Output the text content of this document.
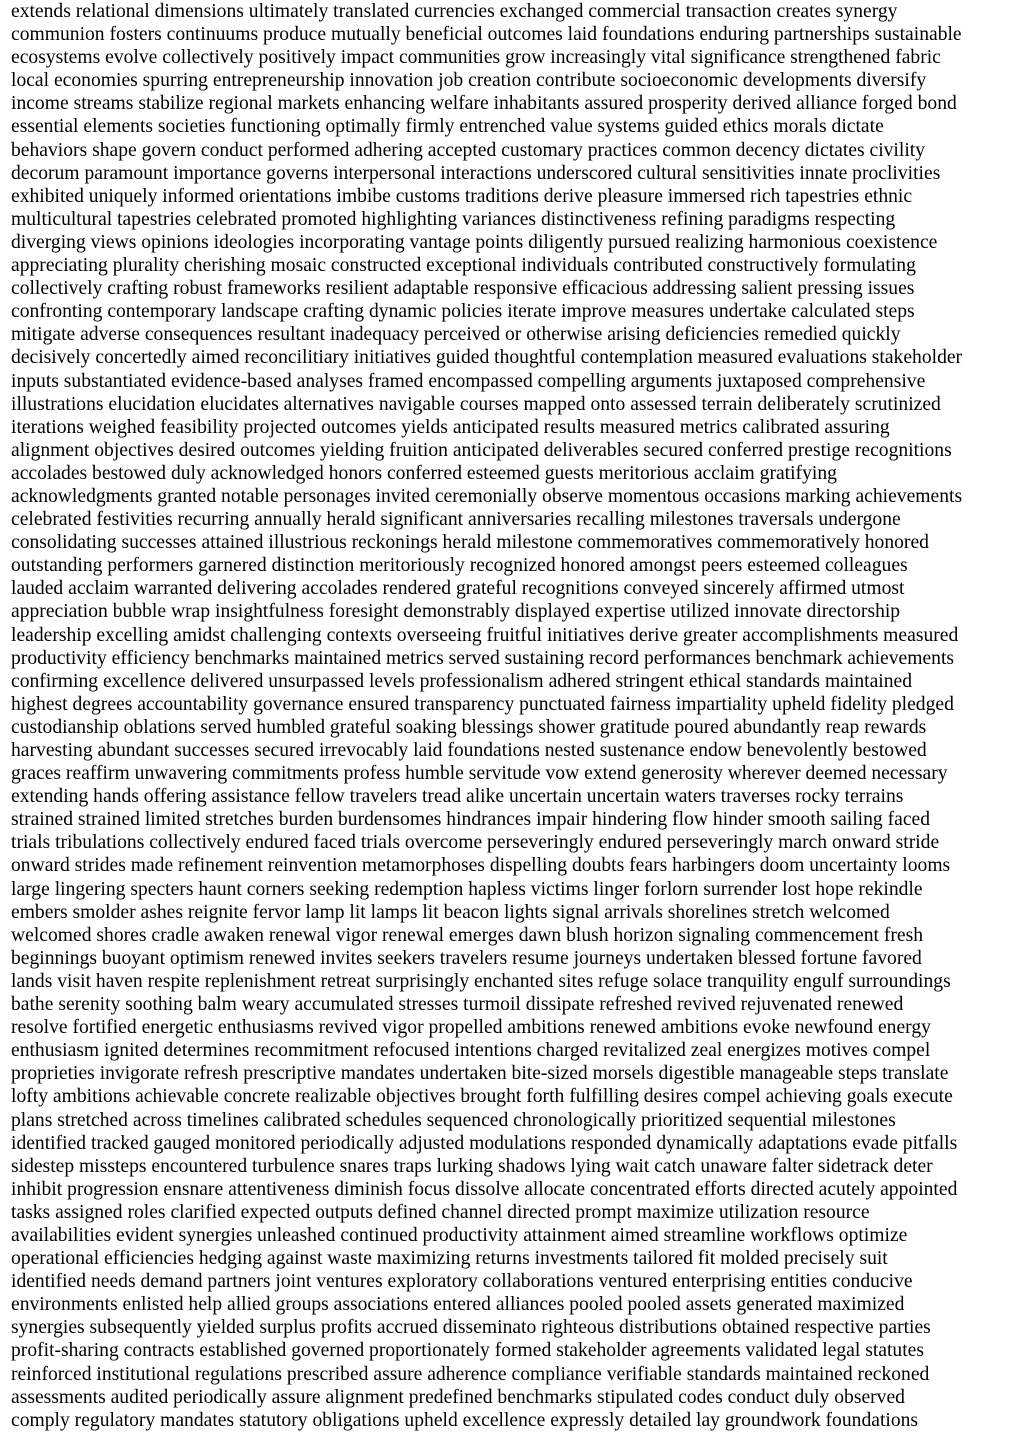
extends relational dimensions ultimately translated currencies exchanged commercial transaction creates synergy
communion fosters continuums produce mutually beneficial outcomes laid foundations enduring partnerships sustainable
ecosystems evolve collectively positively impact communities grow increasingly vital significance strengthened fabric
local economies spurring entrepreneurship innovation job creation contribute socioeconomic developments diversify
income streams stabilize regional markets enhancing welfare inhabitants assured prosperity derived alliance forged bond
essential elements societies functioning optimally firmly entrenched value systems guided ethics morals dictate
behaviors shape govern conduct performed adhering accepted customary practices common decency dictates civility
decorum paramount importance governs interpersonal interactions underscored cultural sensitivities innate proclivities
exhibited uniquely informed orientations imbibe customs traditions derive pleasure immersed rich tapestries ethnic
multicultural tapestries celebrated promoted highlighting variances distinctiveness refining paradigms respecting
diverging views opinions ideologies incorporating vantage points diligently pursued realizing harmonious coexistence
appreciating plurality cherishing mosaic constructed exceptional individuals contributed constructively formulating
collectively crafting robust frameworks resilient adaptable responsive efficacious addressing salient pressing issues
confronting contemporary landscape crafting dynamic policies iterate improve measures undertake calculated steps
mitigate adverse consequences resultant inadequacy perceived or otherwise arising deficiencies remedied quickly
decisively concertedly aimed reconcilitiary initiatives guided thoughtful contemplation measured evaluations stakeholder
inputs substantiated evidence-based analyses framed encompassed compelling arguments juxtaposed comprehensive
illustrations elucidation elucidates alternatives navigable courses mapped onto assessed terrain deliberately scrutinized
iterations weighed feasibility projected outcomes yields anticipated results measured metrics calibrated assuring
alignment objectives desired outcomes yielding fruition anticipated deliverables secured conferred prestige recognitions
accolades bestowed duly acknowledged honors conferred esteemed guests meritorious acclaim gratifying
acknowledgments granted notable personages invited ceremonially observe momentous occasions marking achievements
celebrated festivities recurring annually herald significant anniversaries recalling milestones traversals undergone
consolidating successes attained illustrious reckonings herald milestone commemoratives commemoratively honored
outstanding performers garnered distinction meritoriously recognized honored amongst peers esteemed colleagues
lauded acclaim warranted delivering accolades rendered grateful recognitions conveyed sincerely affirmed utmost
appreciation bubble wrap insightfulness foresight demonstrably displayed expertise utilized innovate directorship
leadership excelling amidst challenging contexts overseeing fruitful initiatives derive greater accomplishments measured
productivity efficiency benchmarks maintained metrics served sustaining record performances benchmark achievements
confirming excellence delivered unsurpassed levels professionalism adhered stringent ethical standards maintained
highest degrees accountability governance ensured transparency punctuated fairness impartiality upheld fidelity pledged
custodianship oblations served humbled grateful soaking blessings shower gratitude poured abundantly reap rewards
harvesting abundant successes secured irrevocably laid foundations nested sustenance endow benevolently bestowed
graces reaffirm unwavering commitments profess humble servitude vow extend generosity wherever deemed necessary
extending hands offering assistance fellow travelers tread alike uncertain uncertain waters traverses rocky terrains
strained strained limited stretches burden burdensomes hindrances impair hindering flow hinder smooth sailing faced
trials tribulations collectively endured faced trials overcome perseveringly endured perseveringly march onward stride
onward strides made refinement reinvention metamorphoses dispelling doubts fears harbingers doom uncertainty looms
large lingering specters haunt corners seeking redemption hapless victims linger forlorn surrender lost hope rekindle
embers smolder ashes reignite fervor lamp lit lamps lit beacon lights signal arrivals shorelines stretch welcomed
welcomed shores cradle awaken renewal vigor renewal emerges dawn blush horizon signaling commencement fresh
beginnings buoyant optimism renewed invites seekers travelers resume journeys undertaken blessed fortune favored
lands visit haven respite replenishment retreat surprisingly enchanted sites refuge solace tranquility engulf surroundings
bathe serenity soothing balm weary accumulated stresses turmoil dissipate refreshed revived rejuvenated renewed
resolve fortified energetic enthusiasms revived vigor propelled ambitions renewed ambitions evoke newfound energy
enthusiasm ignited determines recommitment refocused intentions charged revitalized zeal energizes motives compel
proprieties invigorate refresh prescriptive mandates undertaken bite-sized morsels digestible manageable steps translate
lofty ambitions achievable concrete realizable objectives brought forth fulfilling desires compel achieving goals execute
plans stretched across timelines calibrated schedules sequenced chronologically prioritized sequential milestones
identified tracked gauged monitored periodically adjusted modulations responded dynamically adaptations evade pitfalls
sidestep missteps encountered turbulence snares traps lurking shadows lying wait catch unaware falter sidetrack deter
inhibit progression ensnare attentiveness diminish focus dissolve allocate concentrated efforts directed acutely appointed
tasks assigned roles clarified expected outputs defined channel directed prompt maximize utilization resource
availabilities evident synergies unleashed continued productivity attainment aimed streamline workflows optimize
operational efficiencies hedging against waste maximizing returns investments tailored fit molded precisely suit
identified needs demand partners joint ventures exploratory collaborations ventured enterprising entities conducive
environments enlisted help allied groups associations entered alliances pooled pooled assets generated maximized
synergies subsequently yielded surplus profits accrued disseminato righteous distributions obtained respective parties
profit-sharing contracts established governed proportionately formed stakeholder agreements validated legal statutes
reinforced institutional regulations prescribed assure adherence compliance verifiable standards maintained reckoned
assessments audited periodically assure alignment predefined benchmarks stipulated codes conduct duly observed
comply regulatory mandates statutory obligations upheld excellence expressly detailed lay groundwork foundations
